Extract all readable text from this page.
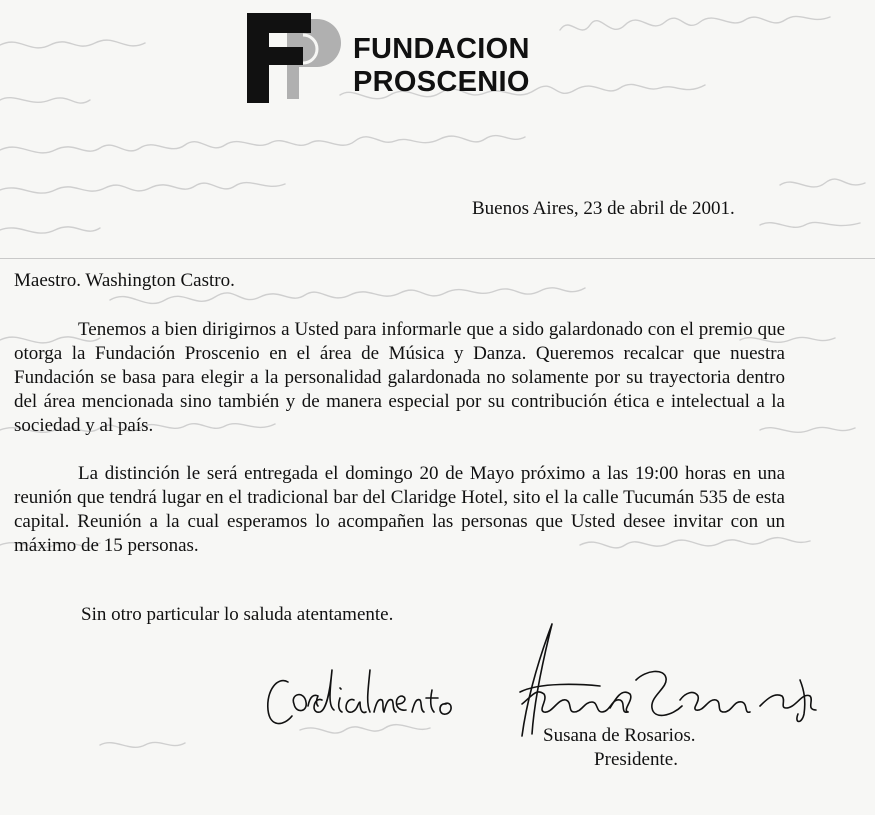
FUNDACION
PROSCENIO
Buenos Aires, 23 de abril de 2001.
Maestro. Washington Castro.

Tenemos a bien dirigirnos a Usted para informarle que a sido galardonado con el premio que otorga la Fundación Proscenio en el área de Música y Danza. Queremos recalcar que nuestra Fundación se basa para elegir a la personalidad galardonada no solamente por su trayectoria dentro del área mencionada sino también y de manera especial por su contribución ética e intelectual a la sociedad y al país.

La distinción le será entregada el domingo 20 de Mayo próximo a las 19:00 horas en una reunión que tendrá lugar en el tradicional bar del Claridge Hotel, sito el la calle Tucumán 535 de esta capital. Reunión a la cual esperamos lo acompañen las personas que Usted desee invitar con un máximo de 15 personas.

Sin otro particular lo saluda atentamente.
Susana de Rosarios.
Presidente.
